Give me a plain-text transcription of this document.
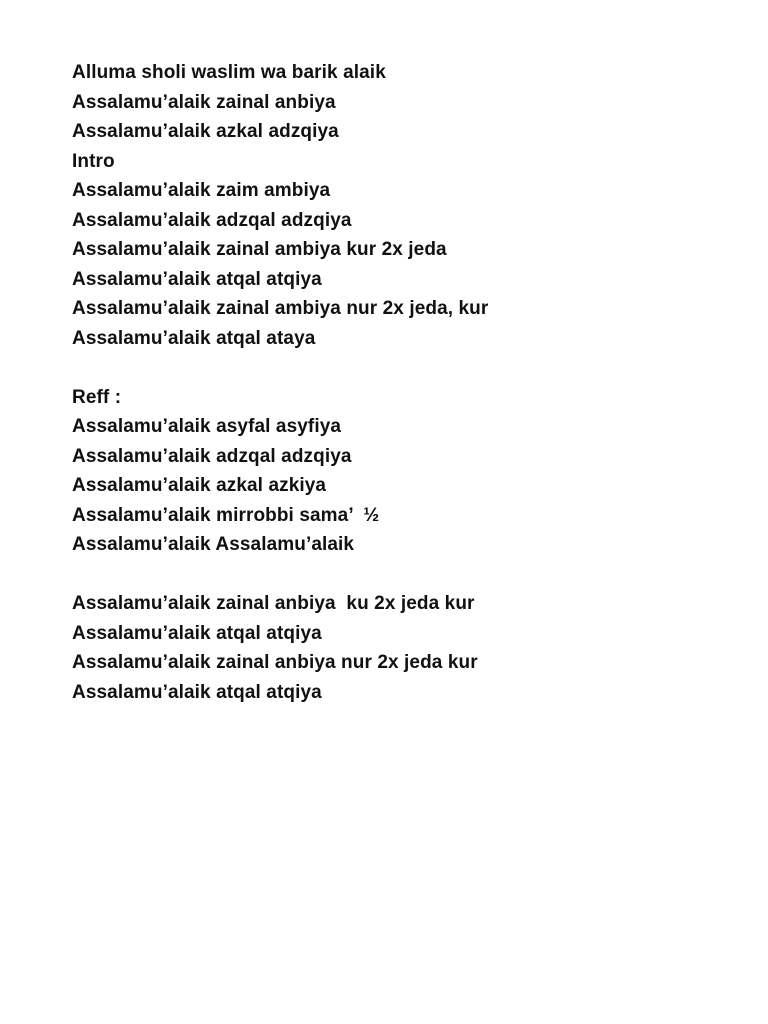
Alluma sholi waslim wa barik alaik
Assalamu’alaik zainal anbiya
Assalamu’alaik azkal adzqiya
Intro
Assalamu’alaik zaim ambiya
Assalamu’alaik adzqal adzqiya
Assalamu’alaik zainal ambiya kur 2x jeda
Assalamu’alaik atqal atqiya
Assalamu’alaik zainal ambiya nur 2x jeda, kur
Assalamu’alaik atqal ataya
Reff :
Assalamu’alaik asyfal asyfiya
Assalamu’alaik adzqal adzqiya
Assalamu’alaik azkal azkiya
Assalamu’alaik mirrobbi sama’  ½
Assalamu’alaik Assalamu’alaik
Assalamu’alaik zainal anbiya  ku 2x jeda kur
Assalamu’alaik atqal atqiya
Assalamu’alaik zainal anbiya nur 2x jeda kur
Assalamu’alaik atqal atqiya
